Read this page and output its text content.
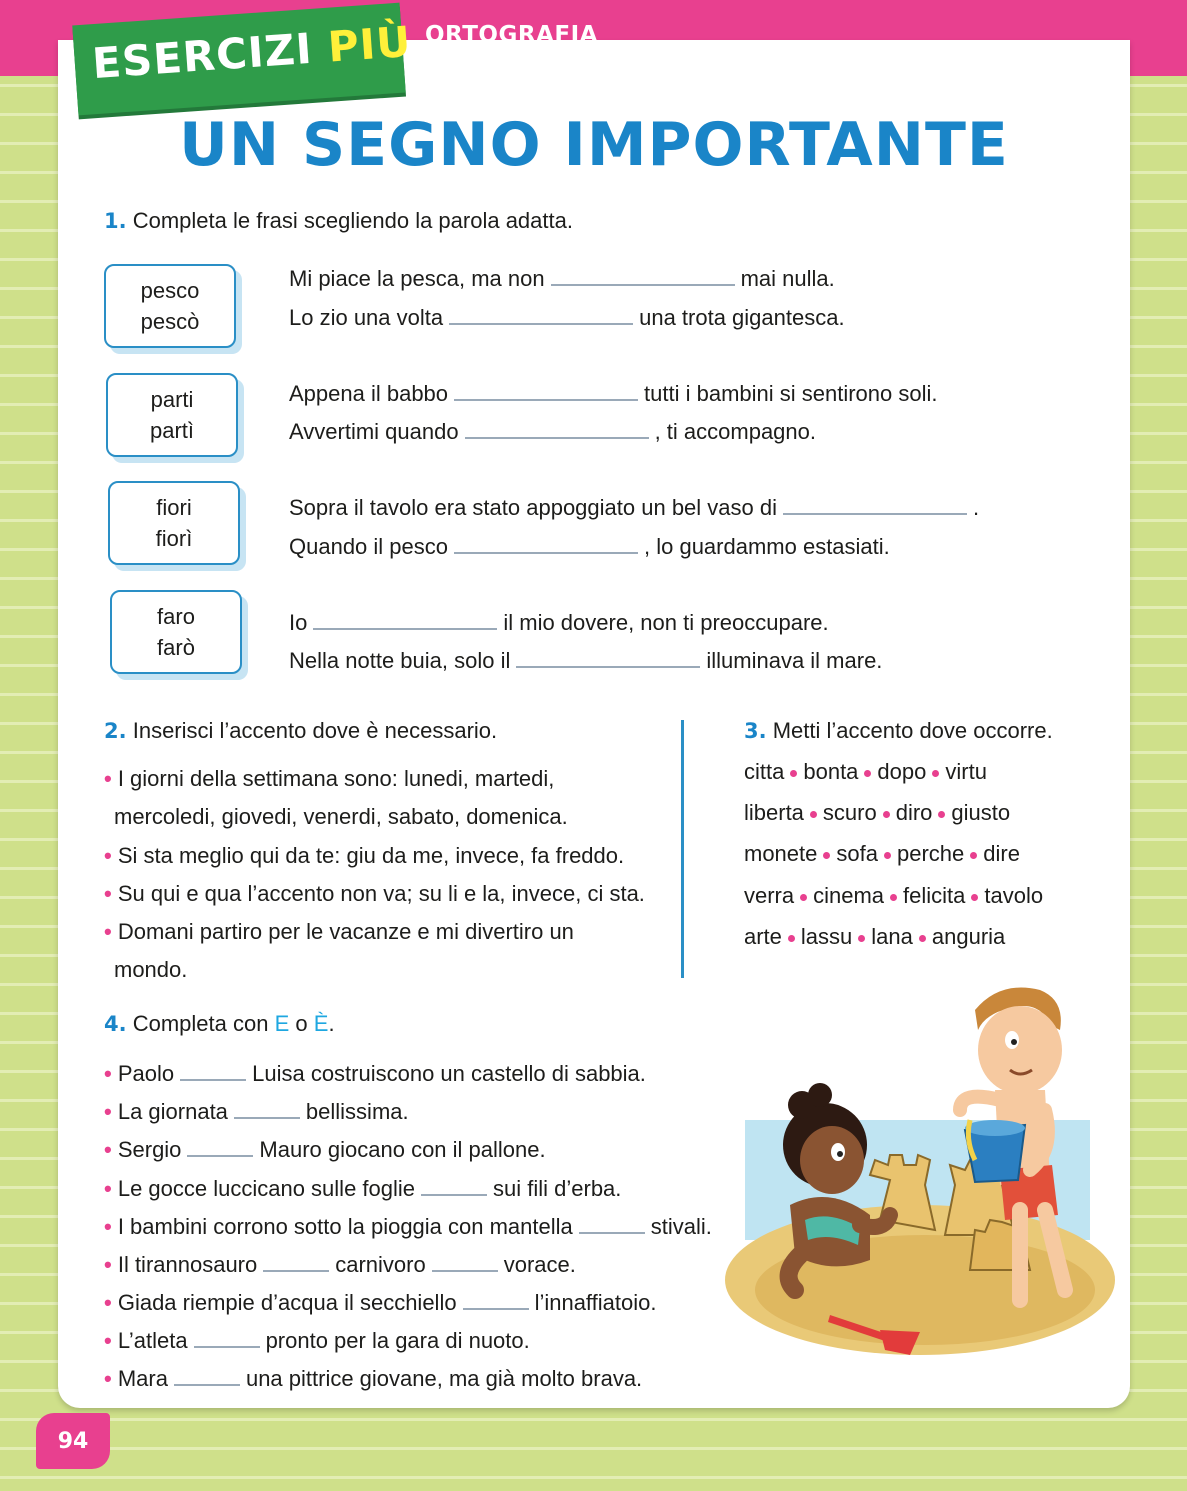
ESERCIZI PIÙ ORTOGRAFIA
UN SEGNO IMPORTANTE
1. Completa le frasi scegliendo la parola adatta.
pesco
pescò
Mi piace la pesca, ma non	mai nulla.
Lo zio una volta	una trota gigantesca.
parti
partì
Appena il babbo	tutti i bambini si sentirono soli.
Avvertimi quando	, ti accompagno.
fiori
fiorì
Sopra il tavolo era stato appoggiato un bel vaso di	.
Quando il pesco	, lo guardammo estasiati.
faro
farò
Io	il mio dovere, non ti preoccupare.
Nella notte buia, solo il	illuminava il mare.
2. Inserisci l’accento dove è necessario.
• I giorni della settimana sono: lunedi, martedi,
mercoledi, giovedi, venerdi, sabato, domenica.
• Si sta meglio qui da te: giu da me, invece, fa freddo.
• Su qui e qua l’accento non va; su li e la, invece, ci sta.
• Domani partiro per le vacanze e mi divertiro un
mondo.
3. Metti l’accento dove occorre.
citta bonta dopo virtu
liberta scuro diro giusto
monete sofa perche dire
verra cinema felicita tavolo
arte lassu lana anguria
4. Completa con E o È.
• Paolo	Luisa costruiscono un castello di sabbia.
• La giornata	bellissima.
• Sergio	Mauro giocano con il pallone.
• Le gocce luccicano sulle foglie	sui fili d’erba.
• I bambini corrono sotto la pioggia con mantella	stivali.
• Il tirannosauro	carnivoro	vorace.
• Giada riempie d’acqua il secchiello	l’innaffiatoio.
• L’atleta	pronto per la gara di nuoto.
• Mara	una pittrice giovane, ma già molto brava.
94
